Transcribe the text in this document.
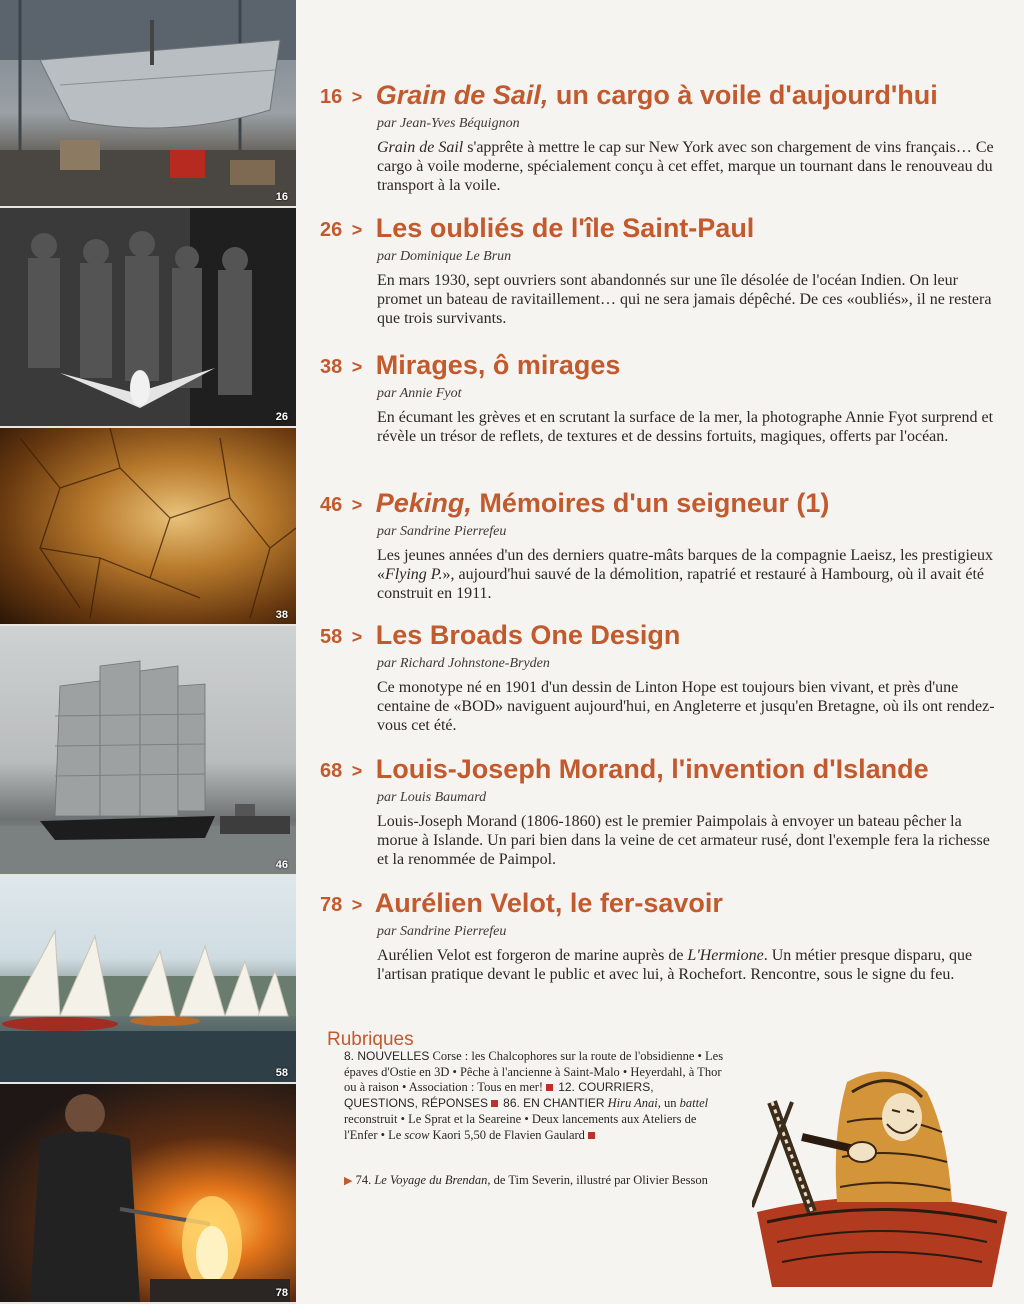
16
26
38
46
58
78
16 > Grain de Sail, un cargo à voile d'aujourd'hui
par Jean-Yves Béquignon
Grain de Sail s'apprête à mettre le cap sur New York avec son chargement de vins français… Ce cargo à voile moderne, spécialement conçu à cet effet, marque un tournant dans le renouveau du transport à la voile.
26 > Les oubliés de l'île Saint-Paul
par Dominique Le Brun
En mars 1930, sept ouvriers sont abandonnés sur une île désolée de l'océan Indien. On leur promet un bateau de ravitaillement… qui ne sera jamais dépêché. De ces «oubliés», il ne restera que trois survivants.
38 > Mirages, ô mirages
par Annie Fyot
En écumant les grèves et en scrutant la surface de la mer, la photographe Annie Fyot surprend et révèle un trésor de reflets, de textures et de dessins fortuits, magiques, offerts par l'océan.
46 > Peking, Mémoires d'un seigneur (1)
par Sandrine Pierrefeu
Les jeunes années d'un des derniers quatre-mâts barques de la compagnie Laeisz, les prestigieux «Flying P.», aujourd'hui sauvé de la démolition, rapatrié et restauré à Hambourg, où il avait été construit en 1911.
58 > Les Broads One Design
par Richard Johnstone-Bryden
Ce monotype né en 1901 d'un dessin de Linton Hope est toujours bien vivant, et près d'une centaine de «BOD» naviguent aujourd'hui, en Angleterre et jusqu'en Bretagne, où ils ont rendez-vous cet été.
68 > Louis-Joseph Morand, l'invention d'Islande
par Louis Baumard
Louis-Joseph Morand (1806-1860) est le premier Paimpolais à envoyer un bateau pêcher la morue à Islande. Un pari bien dans la veine de cet armateur rusé, dont l'exemple fera la richesse et la renommée de Paimpol.
78 > Aurélien Velot, le fer-savoir
par Sandrine Pierrefeu
Aurélien Velot est forgeron de marine auprès de L'Hermione. Un métier presque disparu, que l'artisan pratique devant le public et avec lui, à Rochefort. Rencontre, sous le signe du feu.
Rubriques
8. NOUVELLES Corse : les Chalcophores sur la route de l'obsidienne • Les épaves d'Ostie en 3D • Pêche à l'ancienne à Saint-Malo • Heyerdahl, à Thor ou à raison • Association : Tous en mer! 12. COURRIERS, QUESTIONS, RÉPONSES 86. EN CHANTIER Hiru Anai, un battel reconstruit • Le Sprat et la Seareine • Deux lancements aux Ateliers de l'Enfer • Le scow Kaori 5,50 de Flavien Gaulard
▶ 74. Le Voyage du Brendan, de Tim Severin, illustré par Olivier Besson
